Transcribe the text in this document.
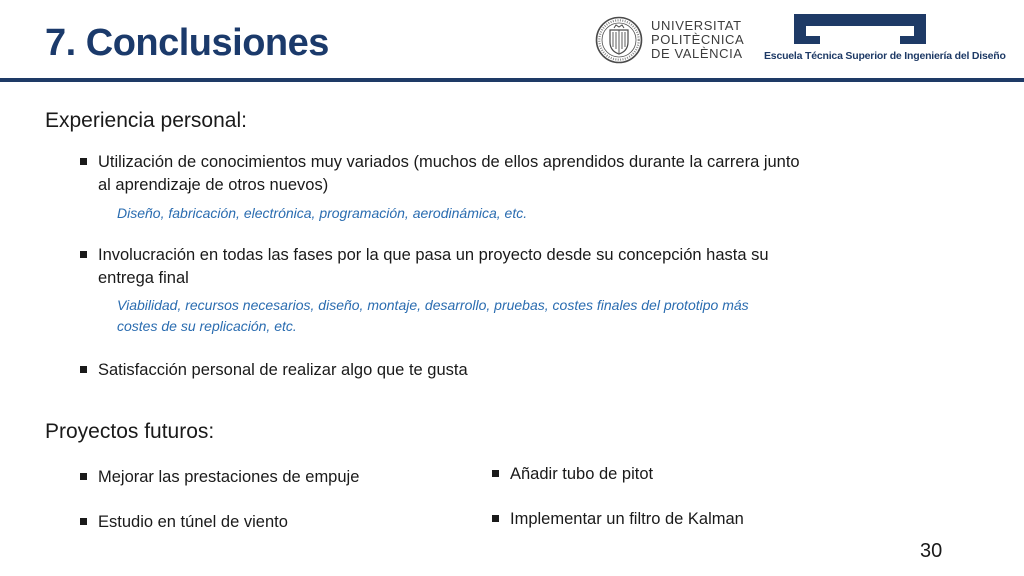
7. Conclusiones	UNIVERSITAT
POLITÈCNICA
DE VALÈNCIA Escuela Técnica Superior de Ingeniería del Diseño
Experiencia personal:
Utilización de conocimientos muy variados (muchos de ellos aprendidos durante la carrera junto
al aprendizaje de otros nuevos)
Diseño, fabricación, electrónica, programación, aerodinámica, etc.
Involucración en todas las fases por la que pasa un proyecto desde su concepción hasta su
entrega final
Viabilidad, recursos necesarios, diseño, montaje, desarrollo, pruebas, costes finales del prototipo más
costes de su replicación, etc.
Satisfacción personal de realizar algo que te gusta
Proyectos futuros:
Mejorar las prestaciones de empuje
Estudio en túnel de viento
Añadir tubo de pitot
Implementar un filtro de Kalman
30
